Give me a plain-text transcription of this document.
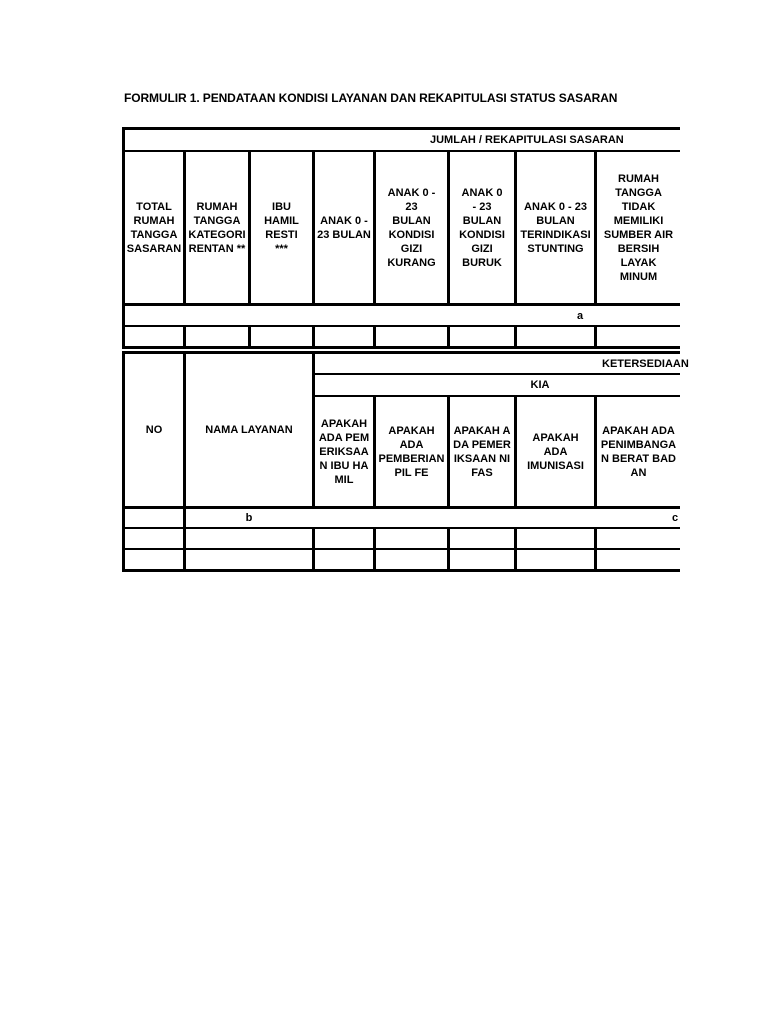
FORMULIR 1. PENDATAAN KONDISI LAYANAN DAN REKAPITULASI STATUS SASARAN
JUMLAH / REKAPITULASI SASARAN
TOTAL RUMAH TANGGA SASARAN
RUMAH TANGGA KATEGORI RENTAN **
IBU HAMIL RESTI ***
ANAK 0 - 23 BULAN
ANAK 0 - 23 BULAN KONDISI GIZI KURANG
ANAK 0 - 23 BULAN KONDISI GIZI BURUK
ANAK 0 - 23 BULAN TERINDIKASI STUNTING
RUMAH TANGGA TIDAK MEMILIKI SUMBER AIR BERSIH LAYAK MINUM
a
NO	NAMA LAYANAN
KETERSEDIAAN
KIA
APAKAH ADA PEMERIKSAAN IBU HAMIL
APAKAH ADA PEMBERIAN PIL FE
APAKAH ADA PEMERIKSAAN NIFAS
APAKAH ADA IMUNISASI
APAKAH ADA PENIMBANGAN BERAT BADAN
b	c
